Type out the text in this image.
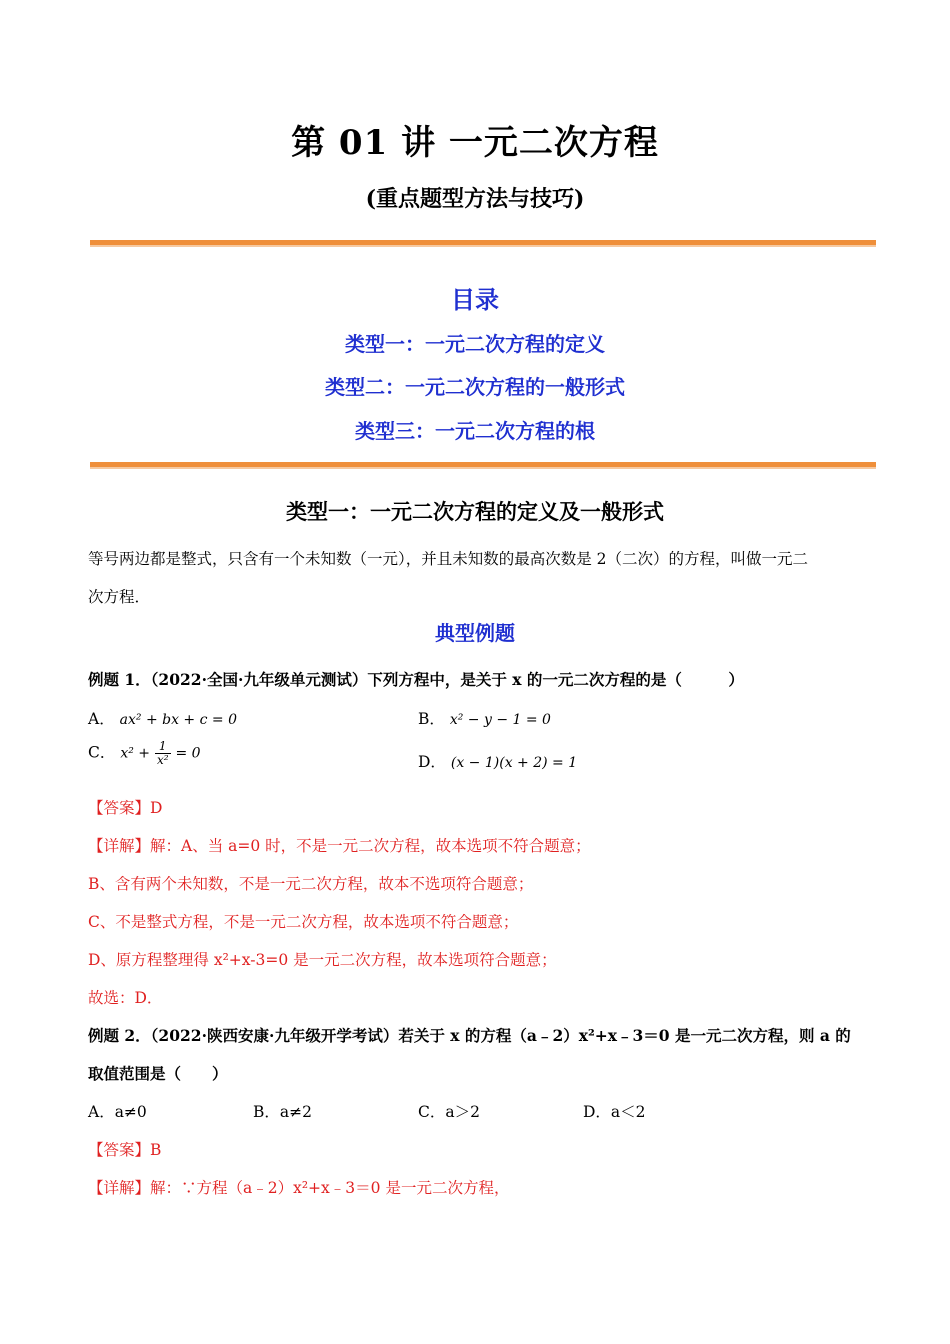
第 01 讲 一元二次方程
(重点题型方法与技巧)
目录
类型一：一元二次方程的定义
类型二：一元二次方程的一般形式
类型三：一元二次方程的根
类型一：一元二次方程的定义及一般形式
等号两边都是整式，只含有一个未知数（一元），并且未知数的最高次数是 2（二次）的方程，叫做一元二
次方程．
典型例题
例题 1．（2022·全国·九年级单元测试）下列方程中，是关于 x 的一元二次方程的是（　　　）
A． ax² + bx + c = 0	B． x² − y − 1 = 0
C． $x^2 + \frac{1}{\text{x²}} = 0$	D． (x − 1)(x + 2) = 1
【答案】D
【详解】解：A、当 a=0 时，不是一元二次方程，故本选项不符合题意；
B、含有两个未知数，不是一元二次方程，故本不选项符合题意；
C、不是整式方程，不是一元二次方程，故本选项不符合题意；
D、原方程整理得 x²+x-3=0 是一元二次方程，故本选项符合题意；
故选：D．
例题 2．（2022·陕西安康·九年级开学考试）若关于 x 的方程（a﹣2）x²+x﹣3＝0 是一元二次方程，则 a 的
取值范围是（　　）
A．a≠0	B．a≠2	C．a＞2	D．a＜2
【答案】B
【详解】解：∵方程（a﹣2）x²+x﹣3＝0 是一元二次方程，
